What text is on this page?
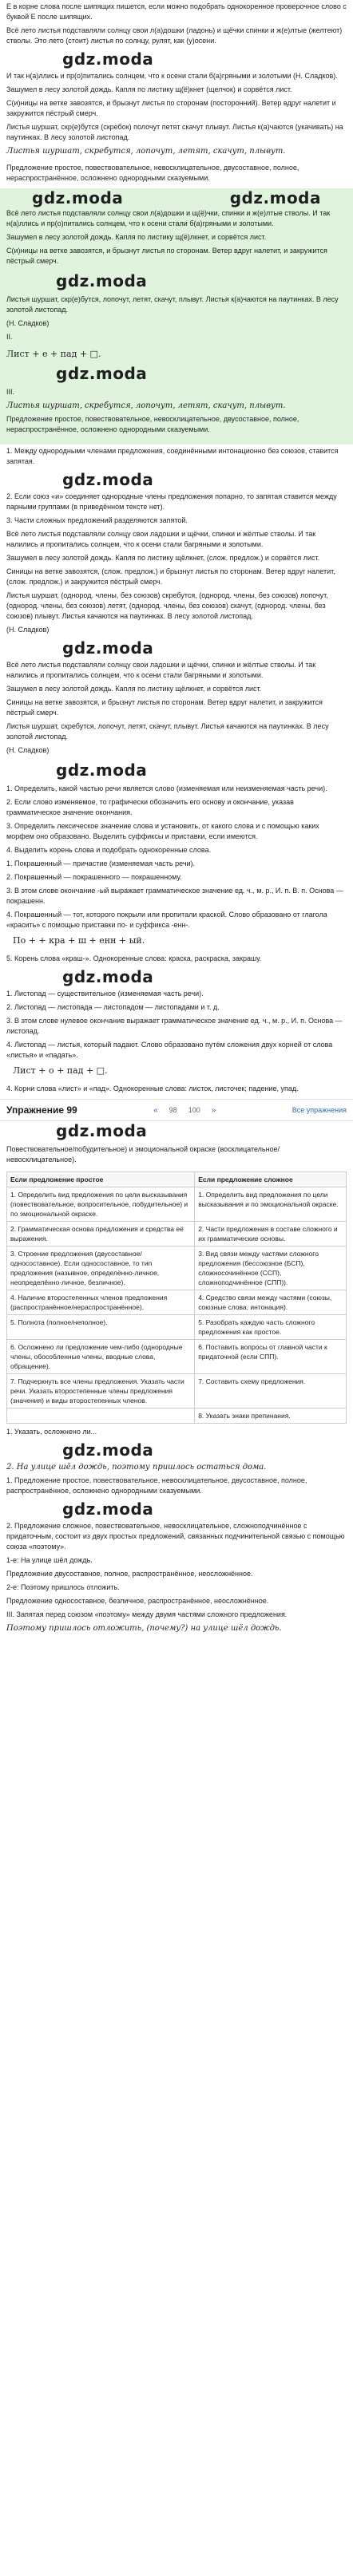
Е в корне слова после шипящих пишется, если можно подобрать однокоренное проверочное слово с буквой Е после шипящих.

Всё лето листья подставляли солнцу свои л(а)дошки (ладонь) и щёчки спинки и ж(е)лтые (желтеют) стволы. Это лето (стоит) листья по солнцу, рулят, как (у)осени.

gdz.moda

И так н(а)ллись и пр(о)питались солнцем, что к осени стали б(а)гряными и золотыми (Н. Сладков).

Зашумел в лесу золотой дождь. Капля по листику щ(ё)кнет (щелчок) и сорвётся лист.

С(и)ницы на ветке завозятся, и брызнут листья по сторонам (посторонний). Ветер вдруг налетит и закружится пёстрый смерч.

Листья шуршат, скр(е)бутся (скребок) полочут петят скачут плывут. Листья к(а)чаются (укачивать) на паутинках. В лесу золотой листопад.

Листья шуршат, скребутся, лопочут, летят, скачут, плывут.

Предложение простое, повествовательное, невосклицательное, двусоставное, полное, нераспространённое, осложнено однородными сказуемыми.

gdz.moda	gdz.moda

Всё лето листья подставляли солнцу свои л(а)дошки и щ(ё)чки, спинки и ж(е)лтые стволы. И так н(а)ллись и пр(о)питались солнцем, что к осени стали б(а)гряными и золотыми.

Зашумел в лесу золотой дождь. Капля по листику щ(ё)лкнет, и сорвётся лист.

С(и)ницы на ветке завозятся, и брызнут листья по сторонам. Ветер вдруг налетит, и закружится пёстрый смерч.

gdz.moda

Листья шуршат, скр(е)бутся, лопочут, летят, скачут, плывут. Листья к(а)чаются на паутинках. В лесу золотой листопад.

(Н. Сладков)

II.

Лист + е + пад + □.
gdz.moda

III.

Листья шуршат, скребутся, лопочут, летят, скачут, плывут.

Предложение простое, повествовательное, невосклицательное, двусоставное, полное, нераспространённое, осложнено однородными сказуемыми.

1. Между однородными членами предложения, соединёнными интонационно без союзов, ставится запятая.

gdz.moda

2. Если союз «и» соединяет однородные члены предложения попарно, то запятая ставится между парными группами (в приведённом тексте нет).

3. Части сложных предложений разделяются запятой.

Всё лето листья подставляли солнцу свои ладошки и щёчки, спинки и жёлтые стволы. И так налились и пропитались солнцем, что к осени стали багряными и золотыми.

Зашумел в лесу золотой дождь. Капля по листику щёлкнет, (слож. предлож.) и сорвётся лист.

Синицы на ветке завозятся, (слож. предлож.) и брызнут листья по сторонам. Ветер вдруг налетит, (слож. предлож.) и закружится пёстрый смерч.

Листья шуршат, (однород. члены, без союзов) скребутся, (однород. члены, без союзов) лопочут, (однород. члены, без союзов) летят, (однород. члены, без союзов) скачут, (однород. члены, без союзов) плывут. Листья качаются на паутинках. В лесу золотой листопад.

(Н. Сладков)

gdz.moda

Всё лето листья подставляли солнцу свои ладошки и щёчки, спинки и жёлтые стволы. И так налились и пропитались солнцем, что к осени стали багряными и золотыми.

Зашумел в лесу золотой дождь. Капля по листику щёлкнет, и сорвётся лист.

Синицы на ветке завозятся, и брызнут листья по сторонам. Ветер вдруг налетит, и закружится пёстрый смерч.

Листья шуршат, скребутся, лопочут, летят, скачут, плывут. Листья качаются на паутинках. В лесу золотой листопад.

(Н. Сладков)

gdz.moda

1. Определить, какой частью речи является слово (изменяемая или неизменяемая часть речи).

2. Если слово изменяемое, то графически обозначить его основу и окончание, указав грамматическое значение окончания.

3. Определить лексическое значение слова и установить, от какого слова и с помощью каких морфем оно образовано. Выделить суффиксы и приставки, если имеются.

4. Выделить корень слова и подобрать однокоренные слова.

1. Покрашенный — причастие (изменяемая часть речи).

2. Покрашенный — покрашенного — покрашенному.

3. В этом слове окончание -ый выражает грамматическое значение ед. ч., м. р., И. п. В. п. Основа — покрашенн.

4. Покрашенный — тот, которого покрыли или пропитали краской. Слово образовано от глагола «красить» с помощью приставки по- и суффикса -енн-.

По + + кра + ш + енн + ый.

5. Корень слова «краш-». Однокоренные слова: краска, раскраска, закрашу.

gdz.moda

1. Листопад — существительное (изменяемая часть речи).

2. Листопад — листопада — листопадом — листопадами и т. д.

3. В этом слове нулевое окончание выражает грамматическое значение ед. ч., м. р., И. п. Основа — листопад.

4. Листопад — листья, который падают. Слово образовано путём сложения двух корней от слова «листья» и «падать».

Лист + о + пад + □.

4. Корни слова «лист» и «пад». Однокоренные слова: листок, листочек; падение, упад.

Упражнение 99	« 98 100 »	Все упражнения
gdz.moda

Повествовательное/побудительное) и эмоциональной окраске (восклицательное/невосклицательное).

Если предложение простое	Если предложение сложное
1. Определить вид предложения по цели высказывания (повествовательное, вопросительное, побудительное) и по эмоциональной окраске.	1. Определить вид предложения по цели высказывания и по эмоциональной окраске.
2. Грамматическая основа предложения и средства её выражения.	2. Части предложения в составе сложного и их грамматические основы.
3. Строение предложения (двусоставное/односоставное). Если односоставное, то тип предложения (назывное, определённо-личное, неопределённо-личное, безличное).	3. Вид связи между частями сложного предложения (бессоюзное (БСП), сложносочинённое (ССП), сложноподчинённое (СПП)).
4. Наличие второстепенных членов предложения (распространённое/нераспространённое).	4. Средство связи между частями (союзы, союзные слова, интонация).
5. Полнота (полное/неполное).	5. Разобрать каждую часть сложного предложения как простое.
6. Осложнено ли предложение чем-либо (однородные члены, обособленные члены, вводные слова, обращение).	6. Поставить вопросы от главной части к придаточной (если СПП).
7. Подчеркнуть все члены предложения. Указать части речи. Указать второстепенные члены предложения (значения) и виды второстепенных членов.	7. Составить схему предложения.
	8. Указать знаки препинания.

1. Указать, осложнено ли...

gdz.moda

2. На улице шёл дождь, поэтому пришлось остаться дома.

1. Предложение простое, повествовательное, невосклицательное, двусоставное, полное, распространённое, осложнено однородными сказуемыми.

gdz.moda

2. Предложение сложное, повествовательное, невосклицательное, сложноподчинённое с придаточным, состоит из двух простых предложений, связанных подчинительной связью с помощью союза «поэтому».

1-е: На улице шёл дождь.

Предложение двусоставное, полное, распространённое, неосложнённое.

2-е: Поэтому пришлось отложить.

Предложение односоставное, безличное, распространённое, неосложнённое.

III. Запятая перед союзом «поэтому» между двумя частями сложного предложения.

Поэтому пришлось отложить, (почему?) на улице шёл дождь.
